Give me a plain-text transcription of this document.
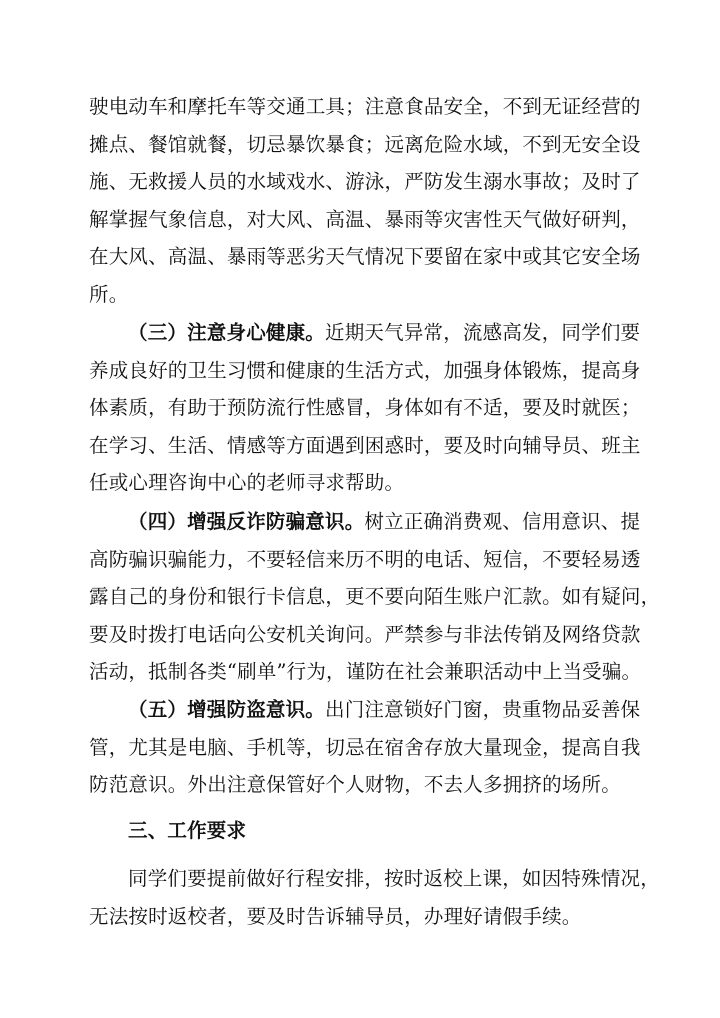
驶电动车和摩托车等交通工具；注意食品安全，不到无证经营的
摊点、餐馆就餐，切忌暴饮暴食；远离危险水域，不到无安全设
施、无救援人员的水域戏水、游泳，严防发生溺水事故；及时了
解掌握气象信息，对大风、高温、暴雨等灾害性天气做好研判，
在大风、高温、暴雨等恶劣天气情况下要留在家中或其它安全场
所。
（三）注意身心健康。近期天气异常，流感高发，同学们要
养成良好的卫生习惯和健康的生活方式，加强身体锻炼，提高身
体素质，有助于预防流行性感冒，身体如有不适，要及时就医；
在学习、生活、情感等方面遇到困惑时，要及时向辅导员、班主
任或心理咨询中心的老师寻求帮助。
（四）增强反诈防骗意识。树立正确消费观、信用意识、提
高防骗识骗能力，不要轻信来历不明的电话、短信，不要轻易透
露自己的身份和银行卡信息，更不要向陌生账户汇款。如有疑问，
要及时拨打电话向公安机关询问。严禁参与非法传销及网络贷款
活动，抵制各类“刷单”行为，谨防在社会兼职活动中上当受骗。
（五）增强防盗意识。出门注意锁好门窗，贵重物品妥善保
管，尤其是电脑、手机等，切忌在宿舍存放大量现金，提高自我
防范意识。外出注意保管好个人财物，不去人多拥挤的场所。
三、工作要求
同学们要提前做好行程安排，按时返校上课，如因特殊情况，
无法按时返校者，要及时告诉辅导员，办理好请假手续。
